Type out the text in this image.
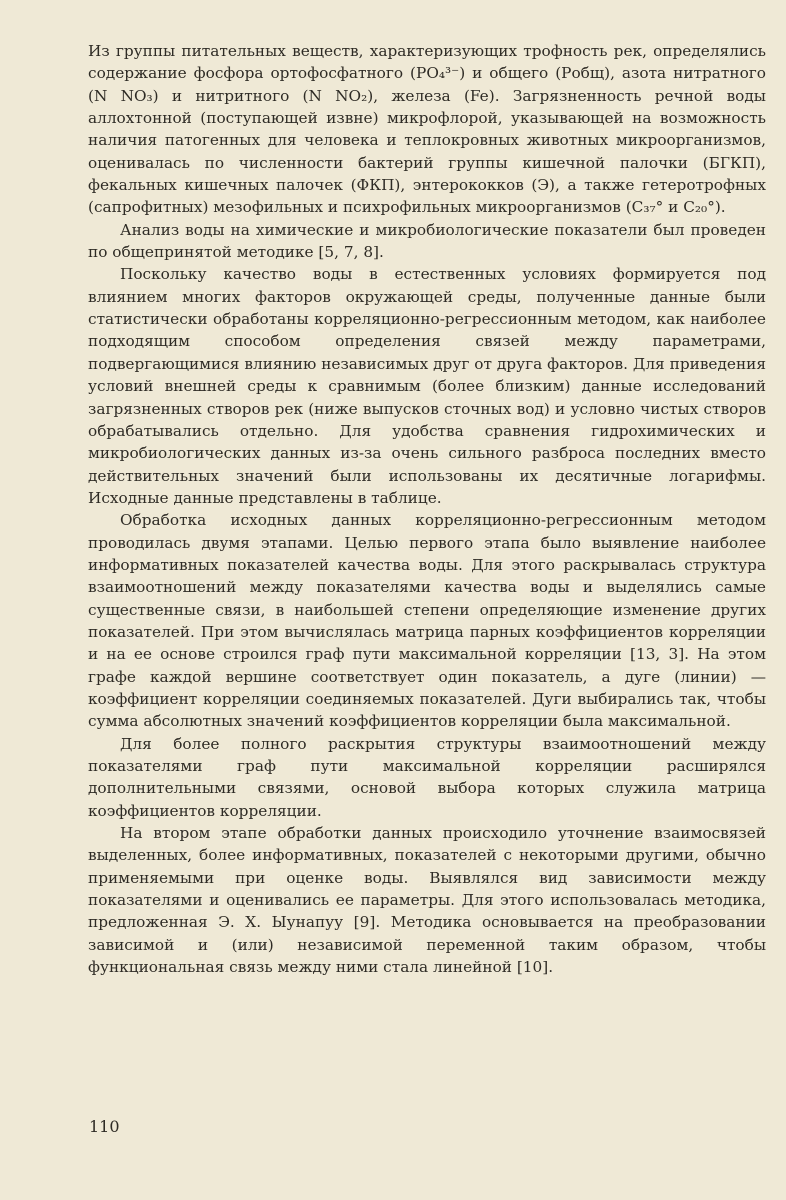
Из группы питательных веществ, характеризующих трофность рек, определялись содержание фосфора ортофосфатного (PO₄³⁻) и общего (Pобщ), азота нитратного (N NO₃) и нитритного (N NO₂), железа (Fe). Загрязненность речной воды аллохтонной (поступающей извне) микрофлорой, указывающей на возможность наличия патогенных для человека и теплокровных животных микроорганизмов, оценивалась по численности бактерий группы кишечной палочки (БГКП), фекальных кишечных палочек (ФКП), энтерококков (Э), а также гетеротрофных (сапрофитных) мезофильных и психрофильных микроорганизмов (C₃₇° и C₂₀°).

Анализ воды на химические и микробиологические показатели был проведен по общепринятой методике [5, 7, 8].

Поскольку качество воды в естественных условиях формируется под влиянием многих факторов окружающей среды, полученные данные были статистически обработаны корреляционно-регрессионным методом, как наиболее подходящим способом определения связей между параметрами, подвергающимися влиянию независимых друг от друга факторов. Для приведения условий внешней среды к сравнимым (более близким) данные исследований загрязненных створов рек (ниже выпусков сточных вод) и условно чистых створов обрабатывались отдельно. Для удобства сравнения гидрохимических и микробиологических данных из-за очень сильного разброса последних вместо действительных значений были использованы их десятичные логарифмы. Исходные данные представлены в таблице.

Обработка исходных данных корреляционно-регрессионным методом проводилась двумя этапами. Целью первого этапа было выявление наиболее информативных показателей качества воды. Для этого раскрывалась структура взаимоотношений между показателями качества воды и выделялись самые существенные связи, в наибольшей степени определяющие изменение других показателей. При этом вычислялась матрица парных коэффициентов корреляции и на ее основе строился граф пути максимальной корреляции [13, 3]. На этом графе каждой вершине соответствует один показатель, а дуге (линии) — коэффициент корреляции соединяемых показателей. Дуги выбирались так, чтобы сумма абсолютных значений коэффициентов корреляции была максимальной.

Для более полного раскрытия структуры взаимоотношений между показателями граф пути максимальной корреляции расширялся дополнительными связями, основой выбора которых служила матрица коэффициентов корреляции.

На втором этапе обработки данных происходило уточнение взаимосвязей выделенных, более информативных, показателей с некоторыми другими, обычно применяемыми при оценке воды. Выявлялся вид зависимости между показателями и оценивались ее параметры. Для этого использовалась методика, предложенная Э. Х. Ыунапуу [9]. Методика основывается на преобразовании зависимой и (или) независимой переменной таким образом, чтобы функциональная связь между ними стала линейной [10].

110
